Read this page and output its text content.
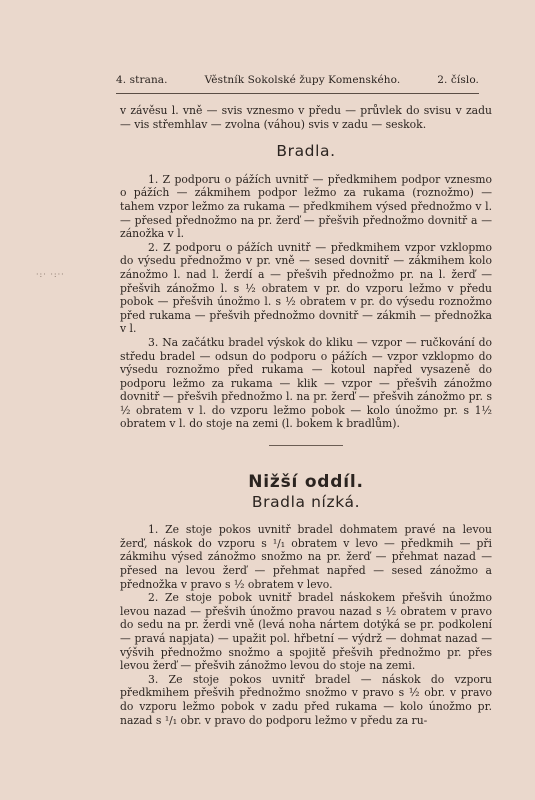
4. strana.	Věstník Sokolské župy Komenského.	2. číslo.
·:· ·:··

v závěsu l. vně — svis vznesmo v předu — průvlek do svisu v zadu — vis střemhlav — zvolna (váhou) svis v zadu — seskok.

Bradla.

1. Z podporu o pážích uvnitř — předkmihem podpor vznesmo o pážích — zákmihem podpor ležmo za rukama (roznožmo) — tahem vzpor ležmo za rukama — předkmihem výsed přednožmo v l. — přesed přednožmo na pr. žerď — přešvih přednožmo dovnitř a — zánožka v l.

2. Z podporu o pážích uvnitř — předkmihem vzpor vzklopmo do výsedu přednožmo v pr. vně — sesed dovnitř — zákmihem kolo zánožmo l. nad l. žerdí a — přešvih přednožmo pr. na l. žerď — přešvih zánožmo l. s ½ obratem v pr. do vzporu ležmo v předu pobok — přešvih únožmo l. s ½ obratem v pr. do výsedu roznožmo před rukama — přešvih přednožmo dovnitř — zákmih — přednožka v l.

3. Na začátku bradel výskok do kliku — vzpor — ručkování do středu bradel — odsun do podporu o pážích — vzpor vzklopmo do výsedu roznožmo před rukama — kotoul napřed vysazeně do podporu ležmo za rukama — klik — vzpor — přešvih zánožmo dovnitř — přešvih přednožmo l. na pr. žerď — přešvih zánožmo pr. s ½ obratem v l. do vzporu ležmo pobok — kolo únožmo pr. s 1½ obratem v l. do stoje na zemi (l. bokem k bradlům).

Nižší oddíl.
Bradla nízká.

1. Ze stoje pokos uvnitř bradel dohmatem pravé na levou žerď, náskok do vzporu s ¹/₁ obratem v levo — předkmih — při zákmihu výsed zánožmo snožmo na pr. žerď — přehmat nazad — přesed na levou žerď — přehmat napřed — sesed zánožmo a přednožka v pravo s ½ obratem v levo.

2. Ze stoje pobok uvnitř bradel náskokem přešvih únožmo levou nazad — přešvih únožmo pravou nazad s ½ obratem v pravo do sedu na pr. žerdi vně (levá noha nártem dotýká se pr. podkolení — pravá napjata) — upažit pol. hřbetní — výdrž — dohmat nazad — výšvih přednožmo snožmo a spojitě přešvih přednožmo pr. přes levou žerď — přešvih zánožmo levou do stoje na zemi.

3. Ze stoje pokos uvnitř bradel — náskok do vzporu předkmihem přešvih přednožmo snožmo v pravo s ½ obr. v pravo do vzporu ležmo pobok v zadu před rukama — kolo únožmo pr. nazad s ¹/₁ obr. v pravo do podporu ležmo v předu za ru-
